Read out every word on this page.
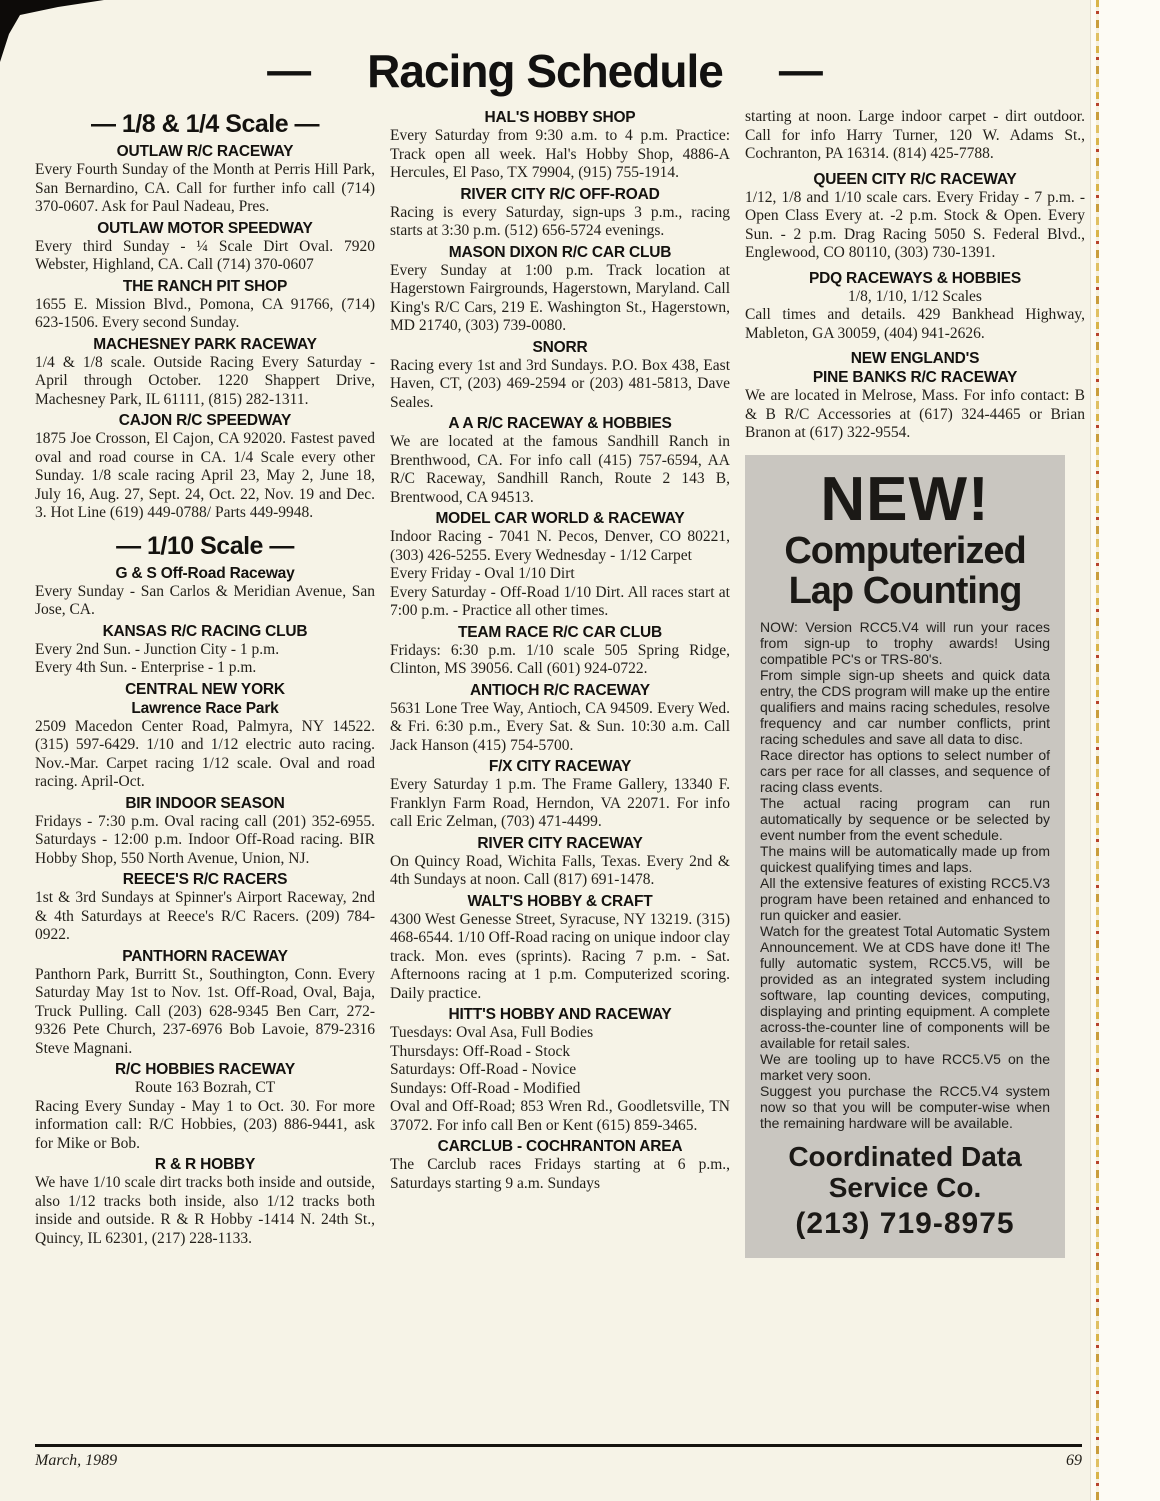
— Racing Schedule —
— 1/8 & 1/4 Scale —
OUTLAW R/C RACEWAY

Every Fourth Sunday of the Month at Perris Hill Park, San Bernardino, CA. Call for further info call (714) 370-0607. Ask for Paul Nadeau, Pres.

OUTLAW MOTOR SPEEDWAY

Every third Sunday - ¼ Scale Dirt Oval. 7920 Webster, Highland, CA. Call (714) 370-0607

THE RANCH PIT SHOP

1655 E. Mission Blvd., Pomona, CA 91766, (714) 623-1506. Every second Sunday.

MACHESNEY PARK RACEWAY

1/4 & 1/8 scale. Outside Racing Every Saturday - April through October. 1220 Shappert Drive, Machesney Park, IL 61111, (815) 282-1311.

CAJON R/C SPEEDWAY

1875 Joe Crosson, El Cajon, CA 92020. Fastest paved oval and road course in CA. 1/4 Scale every other Sunday. 1/8 scale racing April 23, May 2, June 18, July 16, Aug. 27, Sept. 24, Oct. 22, Nov. 19 and Dec. 3. Hot Line (619) 449-0788/ Parts 449-9948.

— 1/10 Scale —
G & S Off-Road Raceway

Every Sunday - San Carlos & Meridian Avenue, San Jose, CA.

KANSAS R/C RACING CLUB
Every 2nd Sun. - Junction City - 1 p.m.
Every 4th Sun. - Enterprise - 1 p.m.
CENTRAL NEW YORK
Lawrence Race Park

2509 Macedon Center Road, Palmyra, NY 14522. (315) 597-6429. 1/10 and 1/12 electric auto racing. Nov.-Mar. Carpet racing 1/12 scale. Oval and road racing. April-Oct.

BIR INDOOR SEASON

Fridays - 7:30 p.m. Oval racing call (201) 352-6955. Saturdays - 12:00 p.m. Indoor Off-Road racing. BIR Hobby Shop, 550 North Avenue, Union, NJ.

REECE'S R/C RACERS

1st & 3rd Sundays at Spinner's Airport Raceway, 2nd & 4th Saturdays at Reece's R/C Racers. (209) 784-0922.

PANTHORN RACEWAY

Panthorn Park, Burritt St., Southington, Conn. Every Saturday May 1st to Nov. 1st. Off-Road, Oval, Baja, Truck Pulling. Call (203) 628-9345 Ben Carr, 272-9326 Pete Church, 237-6976 Bob Lavoie, 879-2316 Steve Magnani.

R/C HOBBIES RACEWAY
Route 163 Bozrah, CT

Racing Every Sunday - May 1 to Oct. 30. For more information call: R/C Hobbies, (203) 886-9441, ask for Mike or Bob.

R & R HOBBY

We have 1/10 scale dirt tracks both inside and outside, also 1/12 tracks both inside, also 1/12 tracks both inside and outside. R & R Hobby -1414 N. 24th St., Quincy, IL 62301, (217) 228-1133.

HAL'S HOBBY SHOP

Every Saturday from 9:30 a.m. to 4 p.m. Practice: Track open all week. Hal's Hobby Shop, 4886-A Hercules, El Paso, TX 79904, (915) 755-1914.

RIVER CITY R/C OFF-ROAD

Racing is every Saturday, sign-ups 3 p.m., racing starts at 3:30 p.m. (512) 656-5724 evenings.

MASON DIXON R/C CAR CLUB

Every Sunday at 1:00 p.m. Track location at Hagerstown Fairgrounds, Hagerstown, Maryland. Call King's R/C Cars, 219 E. Washington St., Hagerstown, MD 21740, (303) 739-0080.

SNORR

Racing every 1st and 3rd Sundays. P.O. Box 438, East Haven, CT, (203) 469-2594 or (203) 481-5813, Dave Seales.

A A R/C RACEWAY & HOBBIES

We are located at the famous Sandhill Ranch in Brenthwood, CA. For info call (415) 757-6594, AA R/C Raceway, Sandhill Ranch, Route 2 143 B, Brentwood, CA 94513.

MODEL CAR WORLD & RACEWAY

Indoor Racing - 7041 N. Pecos, Denver, CO 80221, (303) 426-5255. Every Wednesday - 1/12 Carpet

Every Friday - Oval 1/10 Dirt

Every Saturday - Off-Road 1/10 Dirt. All races start at 7:00 p.m. - Practice all other times.

TEAM RACE R/C CAR CLUB

Fridays: 6:30 p.m. 1/10 scale 505 Spring Ridge, Clinton, MS 39056. Call (601) 924-0722.

ANTIOCH R/C RACEWAY

5631 Lone Tree Way, Antioch, CA 94509. Every Wed. & Fri. 6:30 p.m., Every Sat. & Sun. 10:30 a.m. Call Jack Hanson (415) 754-5700.

F/X CITY RACEWAY

Every Saturday 1 p.m. The Frame Gallery, 13340 F. Franklyn Farm Road, Herndon, VA 22071. For info call Eric Zelman, (703) 471-4499.

RIVER CITY RACEWAY

On Quincy Road, Wichita Falls, Texas. Every 2nd & 4th Sundays at noon. Call (817) 691-1478.

WALT'S HOBBY & CRAFT

4300 West Genesse Street, Syracuse, NY 13219. (315) 468-6544. 1/10 Off-Road racing on unique indoor clay track. Mon. eves (sprints). Racing 7 p.m. - Sat. Afternoons racing at 1 p.m. Computerized scoring. Daily practice.

HITT'S HOBBY AND RACEWAY
Tuesdays: Oval Asa, Full Bodies
Thursdays: Off-Road - Stock
Saturdays: Off-Road - Novice
Sundays: Off-Road - Modified

Oval and Off-Road; 853 Wren Rd., Goodletsville, TN 37072. For info call Ben or Kent (615) 859-3465.

CARCLUB - COCHRANTON AREA

The Carclub races Fridays starting at 6 p.m., Saturdays starting 9 a.m. Sundays

starting at noon. Large indoor carpet - dirt outdoor. Call for info Harry Turner, 120 W. Adams St., Cochranton, PA 16314. (814) 425-7788.

QUEEN CITY R/C RACEWAY

1/12, 1/8 and 1/10 scale cars. Every Friday - 7 p.m. -Open Class Every at. -2 p.m. Stock & Open. Every Sun. - 2 p.m. Drag Racing 5050 S. Federal Blvd., Englewood, CO 80110, (303) 730-1391.

PDQ RACEWAYS & HOBBIES
1/8, 1/10, 1/12 Scales

Call times and details. 429 Bankhead Highway, Mableton, GA 30059, (404) 941-2626.

NEW ENGLAND'S
PINE BANKS R/C RACEWAY

We are located in Melrose, Mass. For info contact: B & B R/C Accessories at (617) 324-4465 or Brian Branon at (617) 322-9554.

NEW!
Computerized
Lap Counting

NOW: Version RCC5.V4 will run your races from sign-up to trophy awards! Using compatible PC's or TRS-80's.

From simple sign-up sheets and quick data entry, the CDS program will make up the entire qualifiers and mains racing schedules, resolve frequency and car number conflicts, print racing schedules and save all data to disc.

Race director has options to select number of cars per race for all classes, and sequence of racing class events.

The actual racing program can run automatically by sequence or be selected by event number from the event schedule.

The mains will be automatically made up from quickest qualifying times and laps.

All the extensive features of existing RCC5.V3 program have been retained and enhanced to run quicker and easier.

Watch for the greatest Total Automatic System Announcement. We at CDS have done it! The fully automatic system, RCC5.V5, will be provided as an integrated system including software, lap counting devices, computing, displaying and printing equipment. A complete across-the-counter line of components will be available for retail sales.

We are tooling up to have RCC5.V5 on the market very soon.

Suggest you purchase the RCC5.V4 system now so that you will be computer-wise when the remaining hardware will be available.

Coordinated Data
Service Co.
(213) 719-8975
March, 1989	69
